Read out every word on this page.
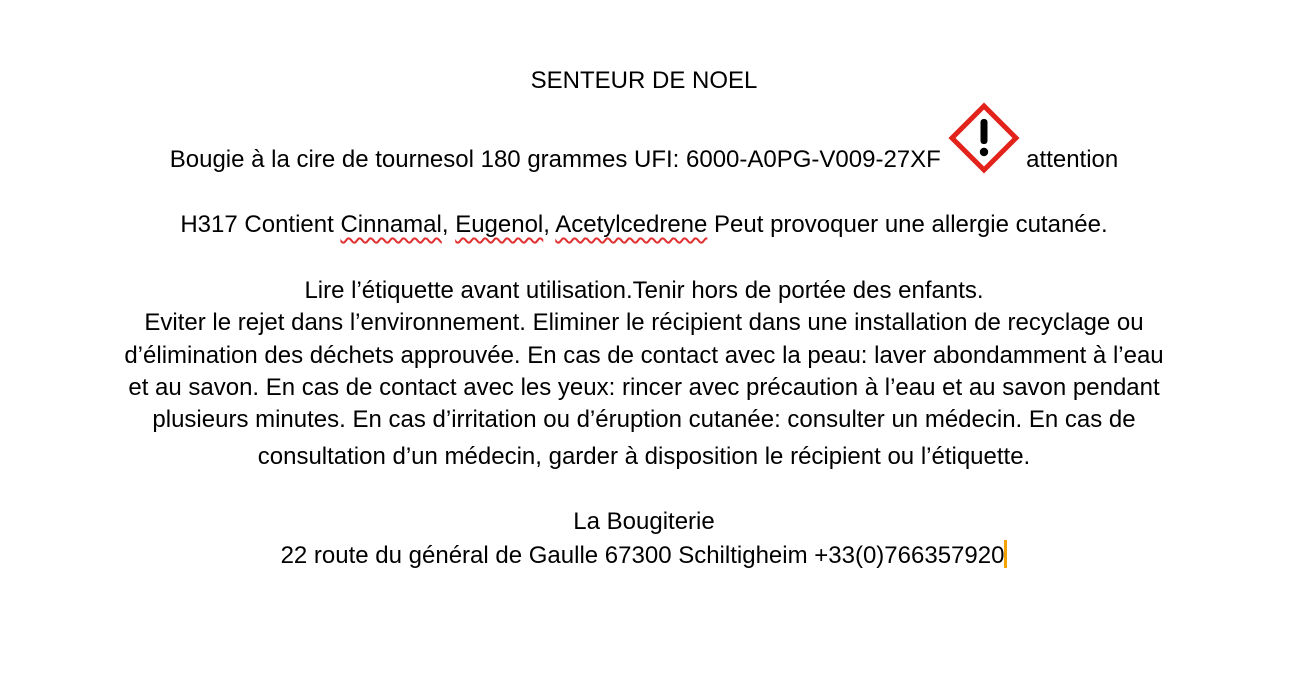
SENTEUR DE NOEL
Bougie à la cire de tournesol 180 grammes UFI: 6000-A0PG-V009-27XF	attention
H317 Contient Cinnamal, Eugenol, Acetylcedrene Peut provoquer une allergie cutanée.
Lire l’étiquette avant utilisation.Tenir hors de portée des enfants.
Eviter le rejet dans l’environnement. Eliminer le récipient dans une installation de recyclage ou
d’élimination des déchets approuvée. En cas de contact avec la peau: laver abondamment à l’eau
et au savon. En cas de contact avec les yeux: rincer avec précaution à l’eau et au savon pendant
plusieurs minutes. En cas d’irritation ou d’éruption cutanée: consulter un médecin. En cas de
consultation d’un médecin, garder à disposition le récipient ou l’étiquette.
La Bougiterie
22 route du général de Gaulle 67300 Schiltigheim +33(0)766357920
